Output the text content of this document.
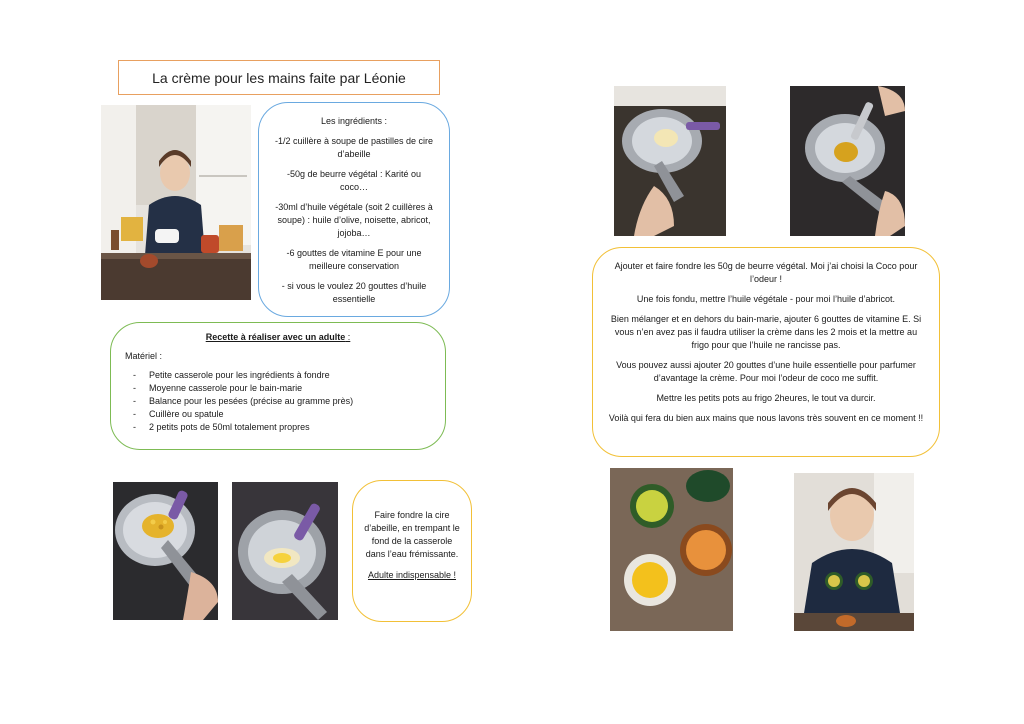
La crème pour les mains faite par Léonie

Les ingrédients :

-1/2 cuillère à soupe de pastilles de cire d’abeille

-50g de beurre végétal : Karité ou coco…

-30ml d’huile végétale (soit 2 cuillères à soupe) : huile d’olive, noisette, abricot, jojoba…

-6 gouttes de vitamine E pour une meilleure conservation

- si vous le voulez 20 gouttes d’huile essentielle

Recette à réaliser avec un adulte :

Matériel :

- Petite casserole pour les ingrédients à fondre
- Moyenne casserole pour le bain-marie
- Balance pour les pesées (précise au gramme près)
- Cuillère ou spatule
- 2 petits pots de 50ml totalement propres

Faire fondre la cire d’abeille, en trempant le fond de la casserole dans l’eau frémissante.

Adulte indispensable !

Ajouter et faire fondre les 50g de beurre végétal. Moi j’ai choisi la Coco pour l’odeur !

Une fois fondu, mettre l’huile végétale - pour moi l’huile d’abricot.

Bien mélanger et en dehors du bain-marie, ajouter 6 gouttes de vitamine E. Si vous n’en avez pas il faudra utiliser la crème dans les 2 mois et la mettre au frigo pour que l’huile ne rancisse pas.

Vous pouvez aussi ajouter 20 gouttes d’une huile essentielle pour parfumer d’avantage la crème. Pour moi l’odeur de coco me suffit.

Mettre les petits pots au frigo 2heures, le tout va durcir.

Voilà qui fera du bien aux mains que nous lavons très souvent en ce moment !!
